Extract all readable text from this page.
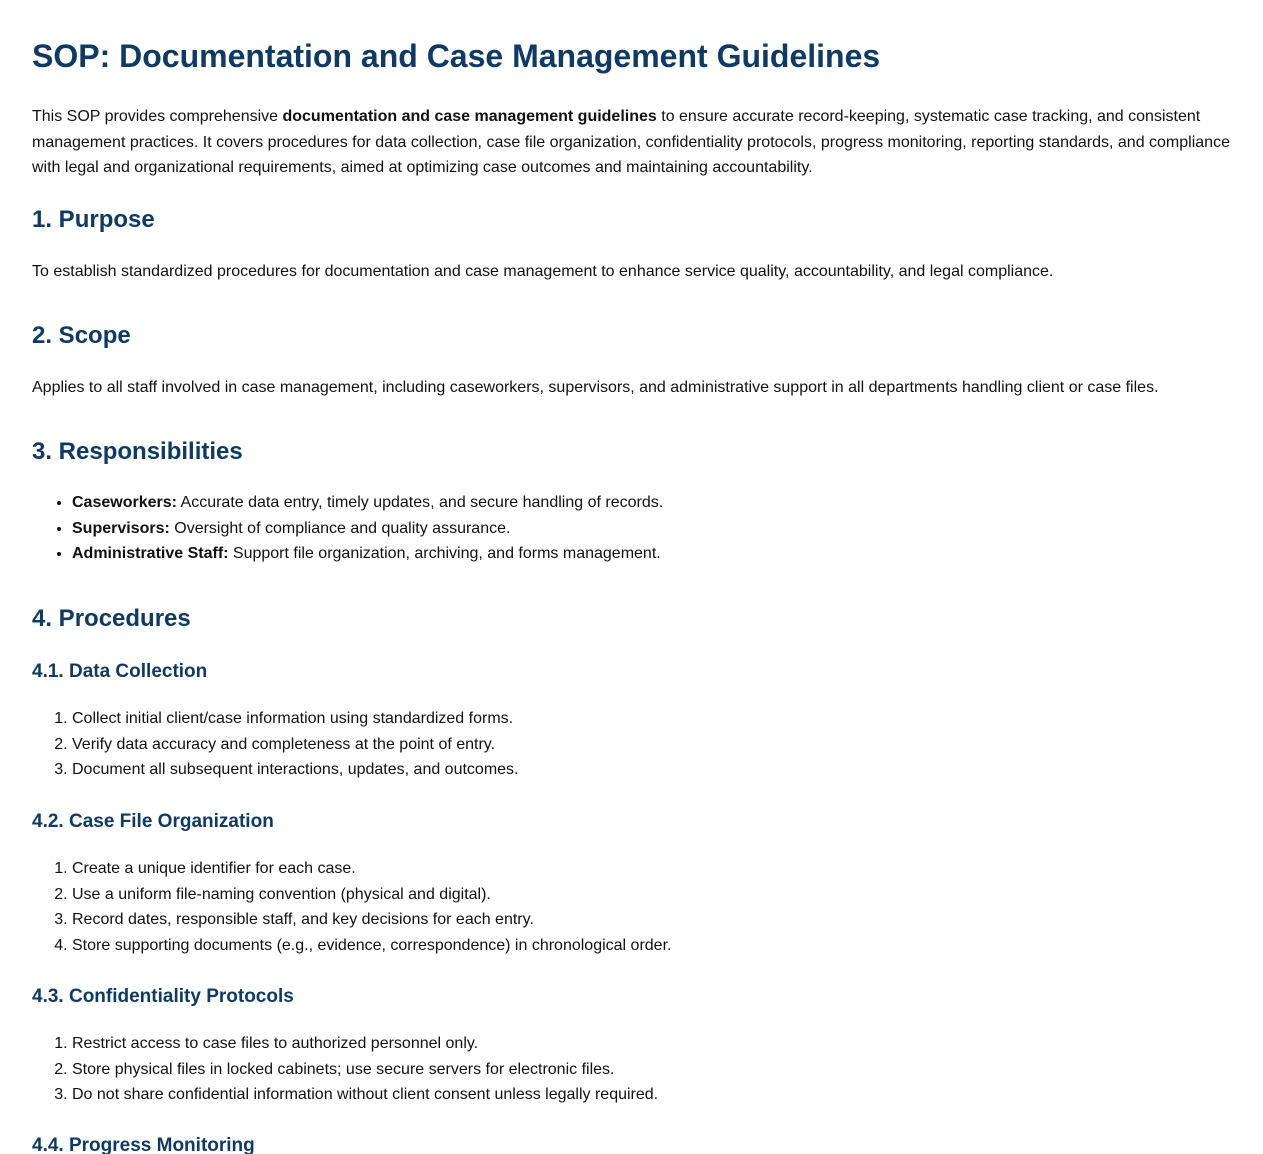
SOP: Documentation and Case Management Guidelines

This SOP provides comprehensive documentation and case management guidelines to ensure accurate record-keeping, systematic case tracking, and consistent management practices. It covers procedures for data collection, case file organization, confidentiality protocols, progress monitoring, reporting standards, and compliance with legal and organizational requirements, aimed at optimizing case outcomes and maintaining accountability.

1. Purpose

To establish standardized procedures for documentation and case management to enhance service quality, accountability, and legal compliance.

2. Scope

Applies to all staff involved in case management, including caseworkers, supervisors, and administrative support in all departments handling client or case files.

3. Responsibilities
• Caseworkers: Accurate data entry, timely updates, and secure handling of records.
• Supervisors: Oversight of compliance and quality assurance.
• Administrative Staff: Support file organization, archiving, and forms management.
4. Procedures
4.1. Data Collection
1. Collect initial client/case information using standardized forms.
2. Verify data accuracy and completeness at the point of entry.
3. Document all subsequent interactions, updates, and outcomes.
4.2. Case File Organization
1. Create a unique identifier for each case.
2. Use a uniform file-naming convention (physical and digital).
3. Record dates, responsible staff, and key decisions for each entry.
4. Store supporting documents (e.g., evidence, correspondence) in chronological order.
4.3. Confidentiality Protocols
1. Restrict access to case files to authorized personnel only.
2. Store physical files in locked cabinets; use secure servers for electronic files.
3. Do not share confidential information without client consent unless legally required.
4.4. Progress Monitoring
